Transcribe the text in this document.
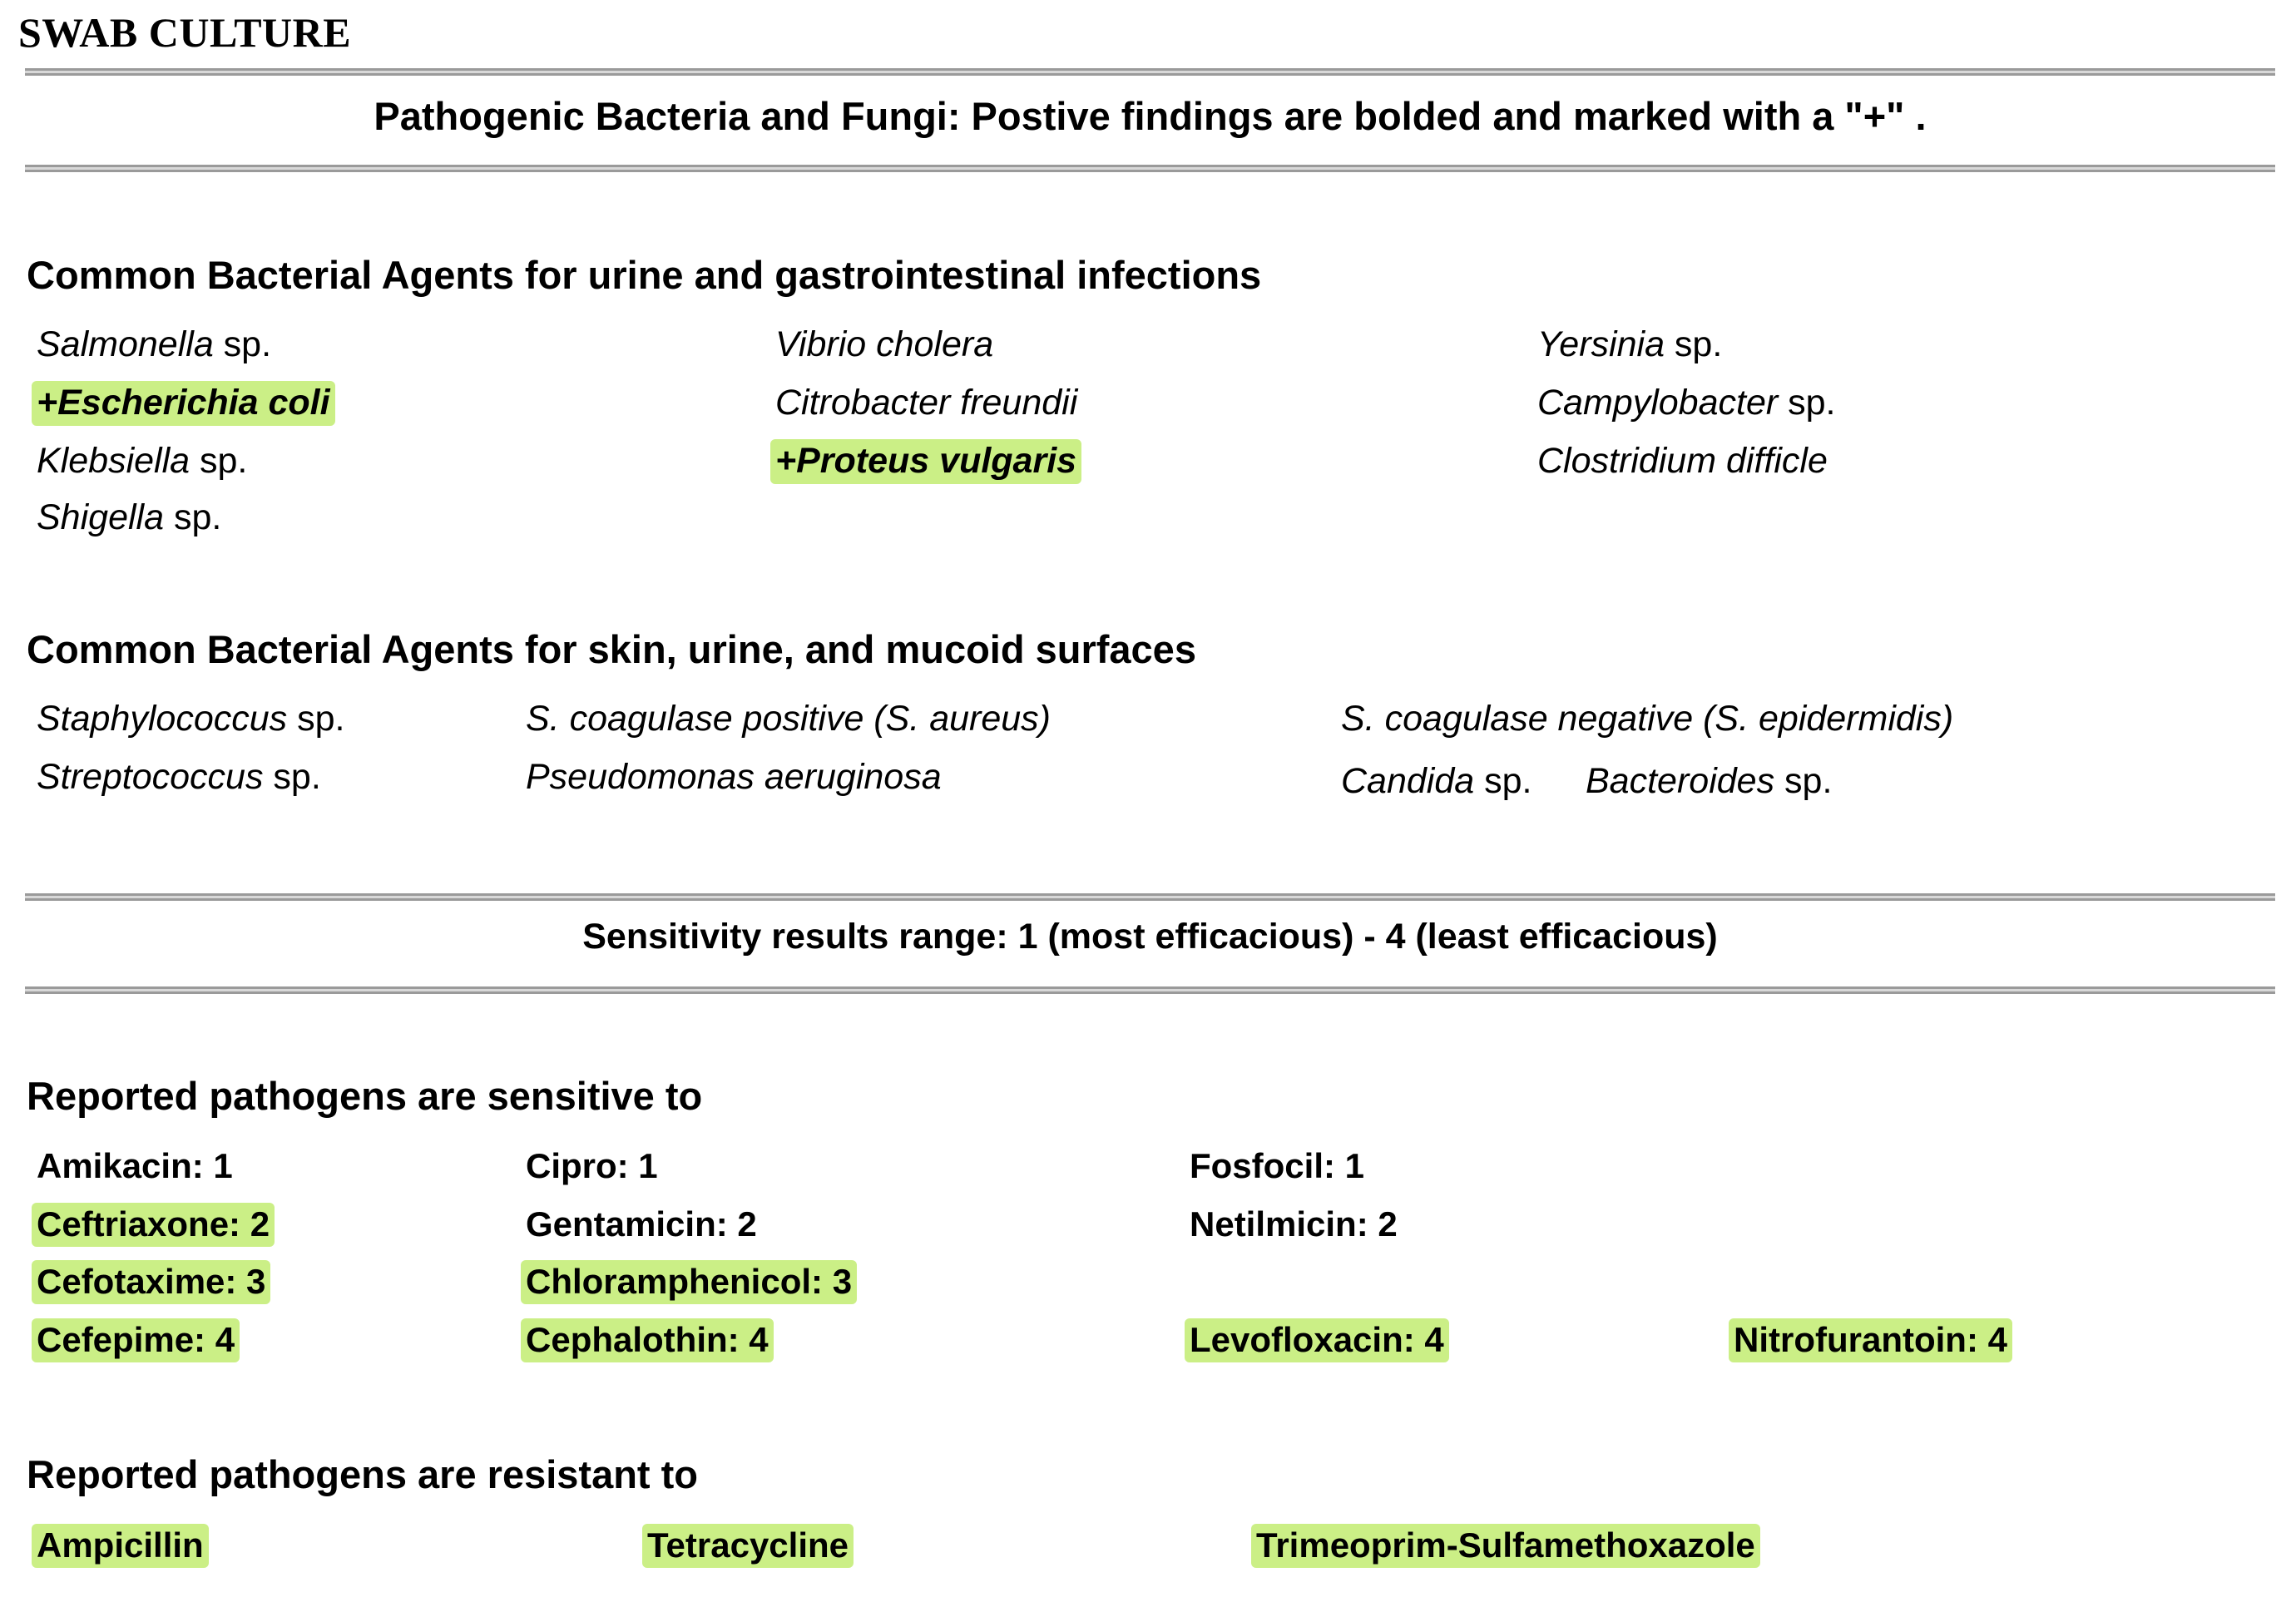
SWAB CULTURE
Pathogenic Bacteria and Fungi: Postive findings are bolded and marked with a "+" .
Common Bacterial Agents for urine and gastrointestinal infections
Salmonella sp.	Vibrio cholera	Yersinia sp.
+Escherichia coli	Citrobacter freundii	Campylobacter sp.
Klebsiella sp.	+Proteus vulgaris	Clostridium difficle
Shigella sp.
Common Bacterial Agents for skin, urine, and mucoid surfaces
Staphylococcus sp.	S. coagulase positive (S. aureus)	S. coagulase negative (S. epidermidis)
Streptococcus sp.	Pseudomonas aeruginosa	Candida sp. Bacteroides sp.
Sensitivity results range: 1 (most efficacious) - 4 (least efficacious)
Reported pathogens are sensitive to
Amikacin: 1	Cipro: 1	Fosfocil: 1
Ceftriaxone: 2	Gentamicin: 2	Netilmicin: 2
Cefotaxime: 3	Chloramphenicol: 3
Cefepime: 4	Cephalothin: 4	Levofloxacin: 4	Nitrofurantoin: 4
Reported pathogens are resistant to
Ampicillin	Tetracycline	Trimeoprim-Sulfamethoxazole
